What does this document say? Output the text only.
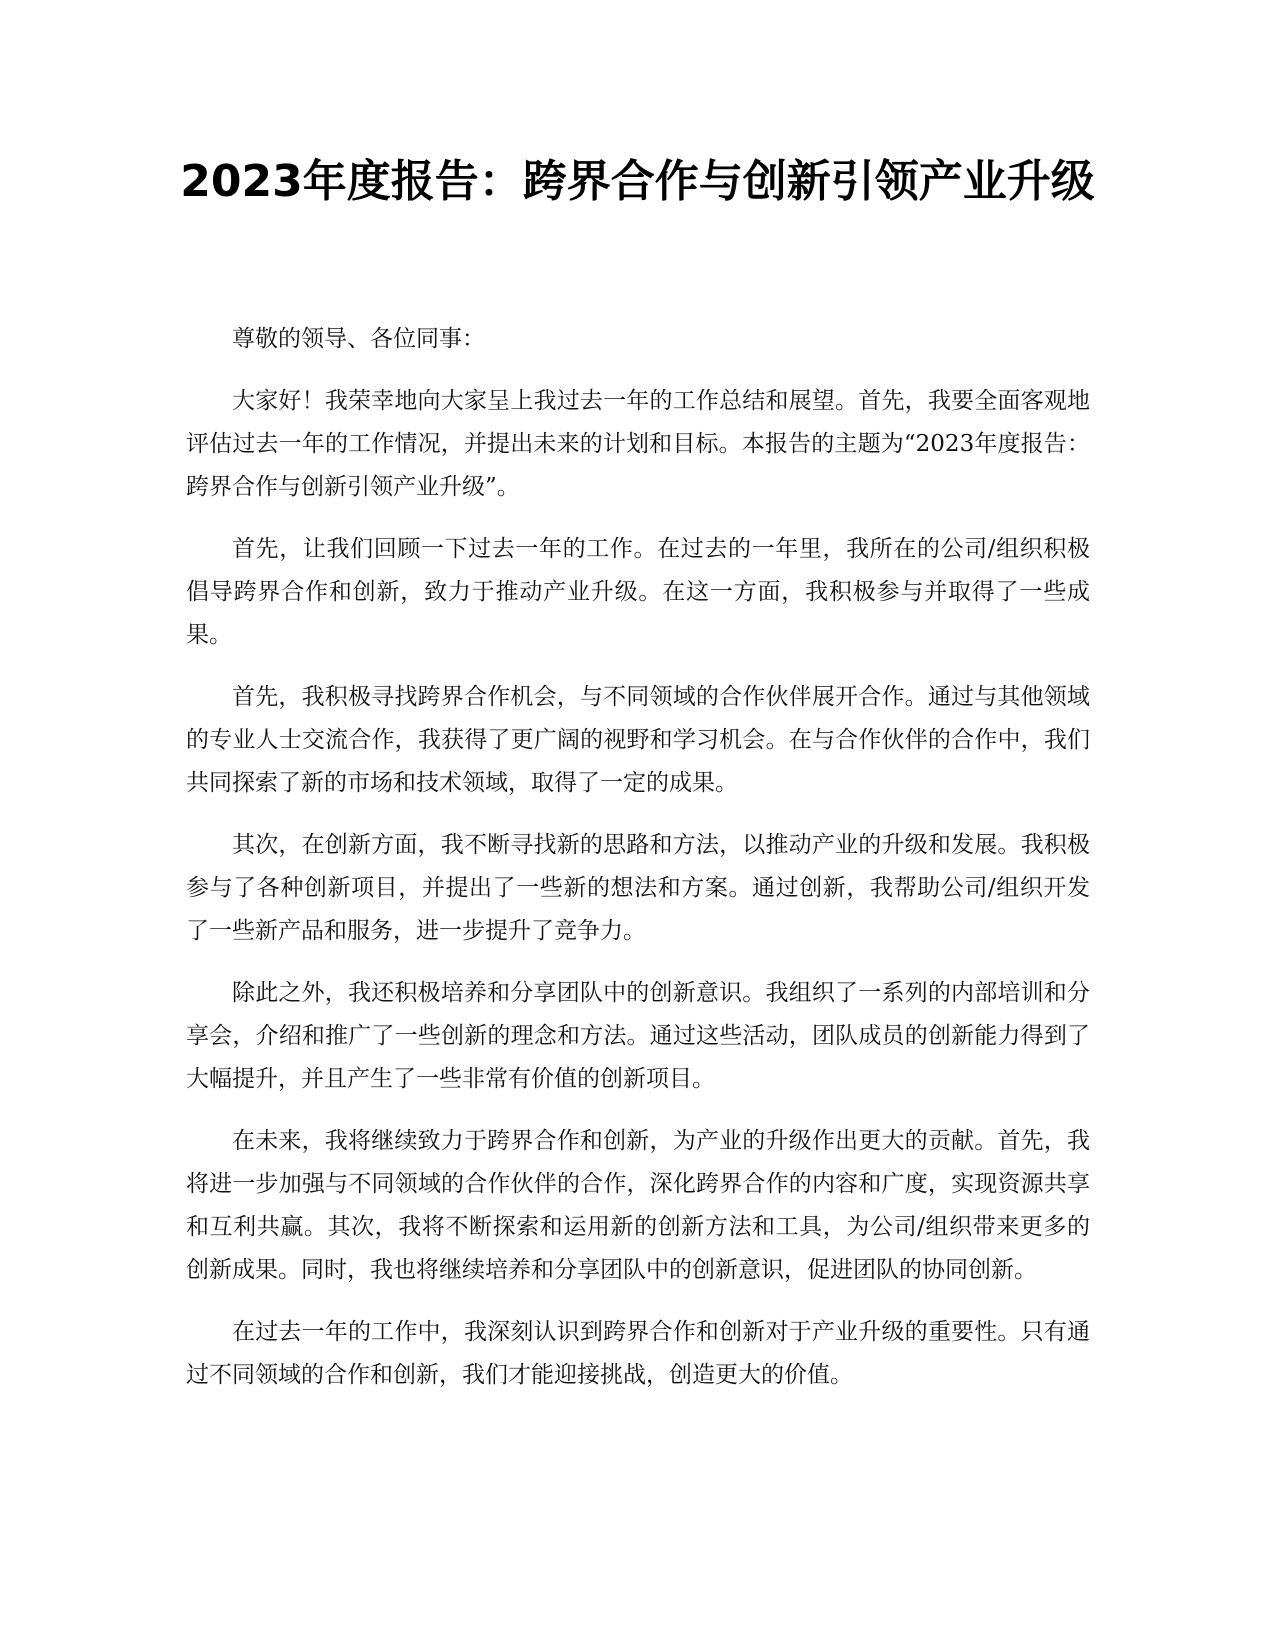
2023年度报告：跨界合作与创新引领产业升级

尊敬的领导、各位同事：

大家好！我荣幸地向大家呈上我过去一年的工作总结和展望。首先，我要全面客观地评估过去一年的工作情况，并提出未来的计划和目标。本报告的主题为“2023年度报告：跨界合作与创新引领产业升级”。

首先，让我们回顾一下过去一年的工作。在过去的一年里，我所在的公司/组织积极倡导跨界合作和创新，致力于推动产业升级。在这一方面，我积极参与并取得了一些成果。

首先，我积极寻找跨界合作机会，与不同领域的合作伙伴展开合作。通过与其他领域的专业人士交流合作，我获得了更广阔的视野和学习机会。在与合作伙伴的合作中，我们共同探索了新的市场和技术领域，取得了一定的成果。

其次，在创新方面，我不断寻找新的思路和方法，以推动产业的升级和发展。我积极参与了各种创新项目，并提出了一些新的想法和方案。通过创新，我帮助公司/组织开发了一些新产品和服务，进一步提升了竞争力。

除此之外，我还积极培养和分享团队中的创新意识。我组织了一系列的内部培训和分享会，介绍和推广了一些创新的理念和方法。通过这些活动，团队成员的创新能力得到了大幅提升，并且产生了一些非常有价值的创新项目。

在未来，我将继续致力于跨界合作和创新，为产业的升级作出更大的贡献。首先，我将进一步加强与不同领域的合作伙伴的合作，深化跨界合作的内容和广度，实现资源共享和互利共赢。其次，我将不断探索和运用新的创新方法和工具，为公司/组织带来更多的创新成果。同时，我也将继续培养和分享团队中的创新意识，促进团队的协同创新。

在过去一年的工作中，我深刻认识到跨界合作和创新对于产业升级的重要性。只有通过不同领域的合作和创新，我们才能迎接挑战，创造更大的价值。
